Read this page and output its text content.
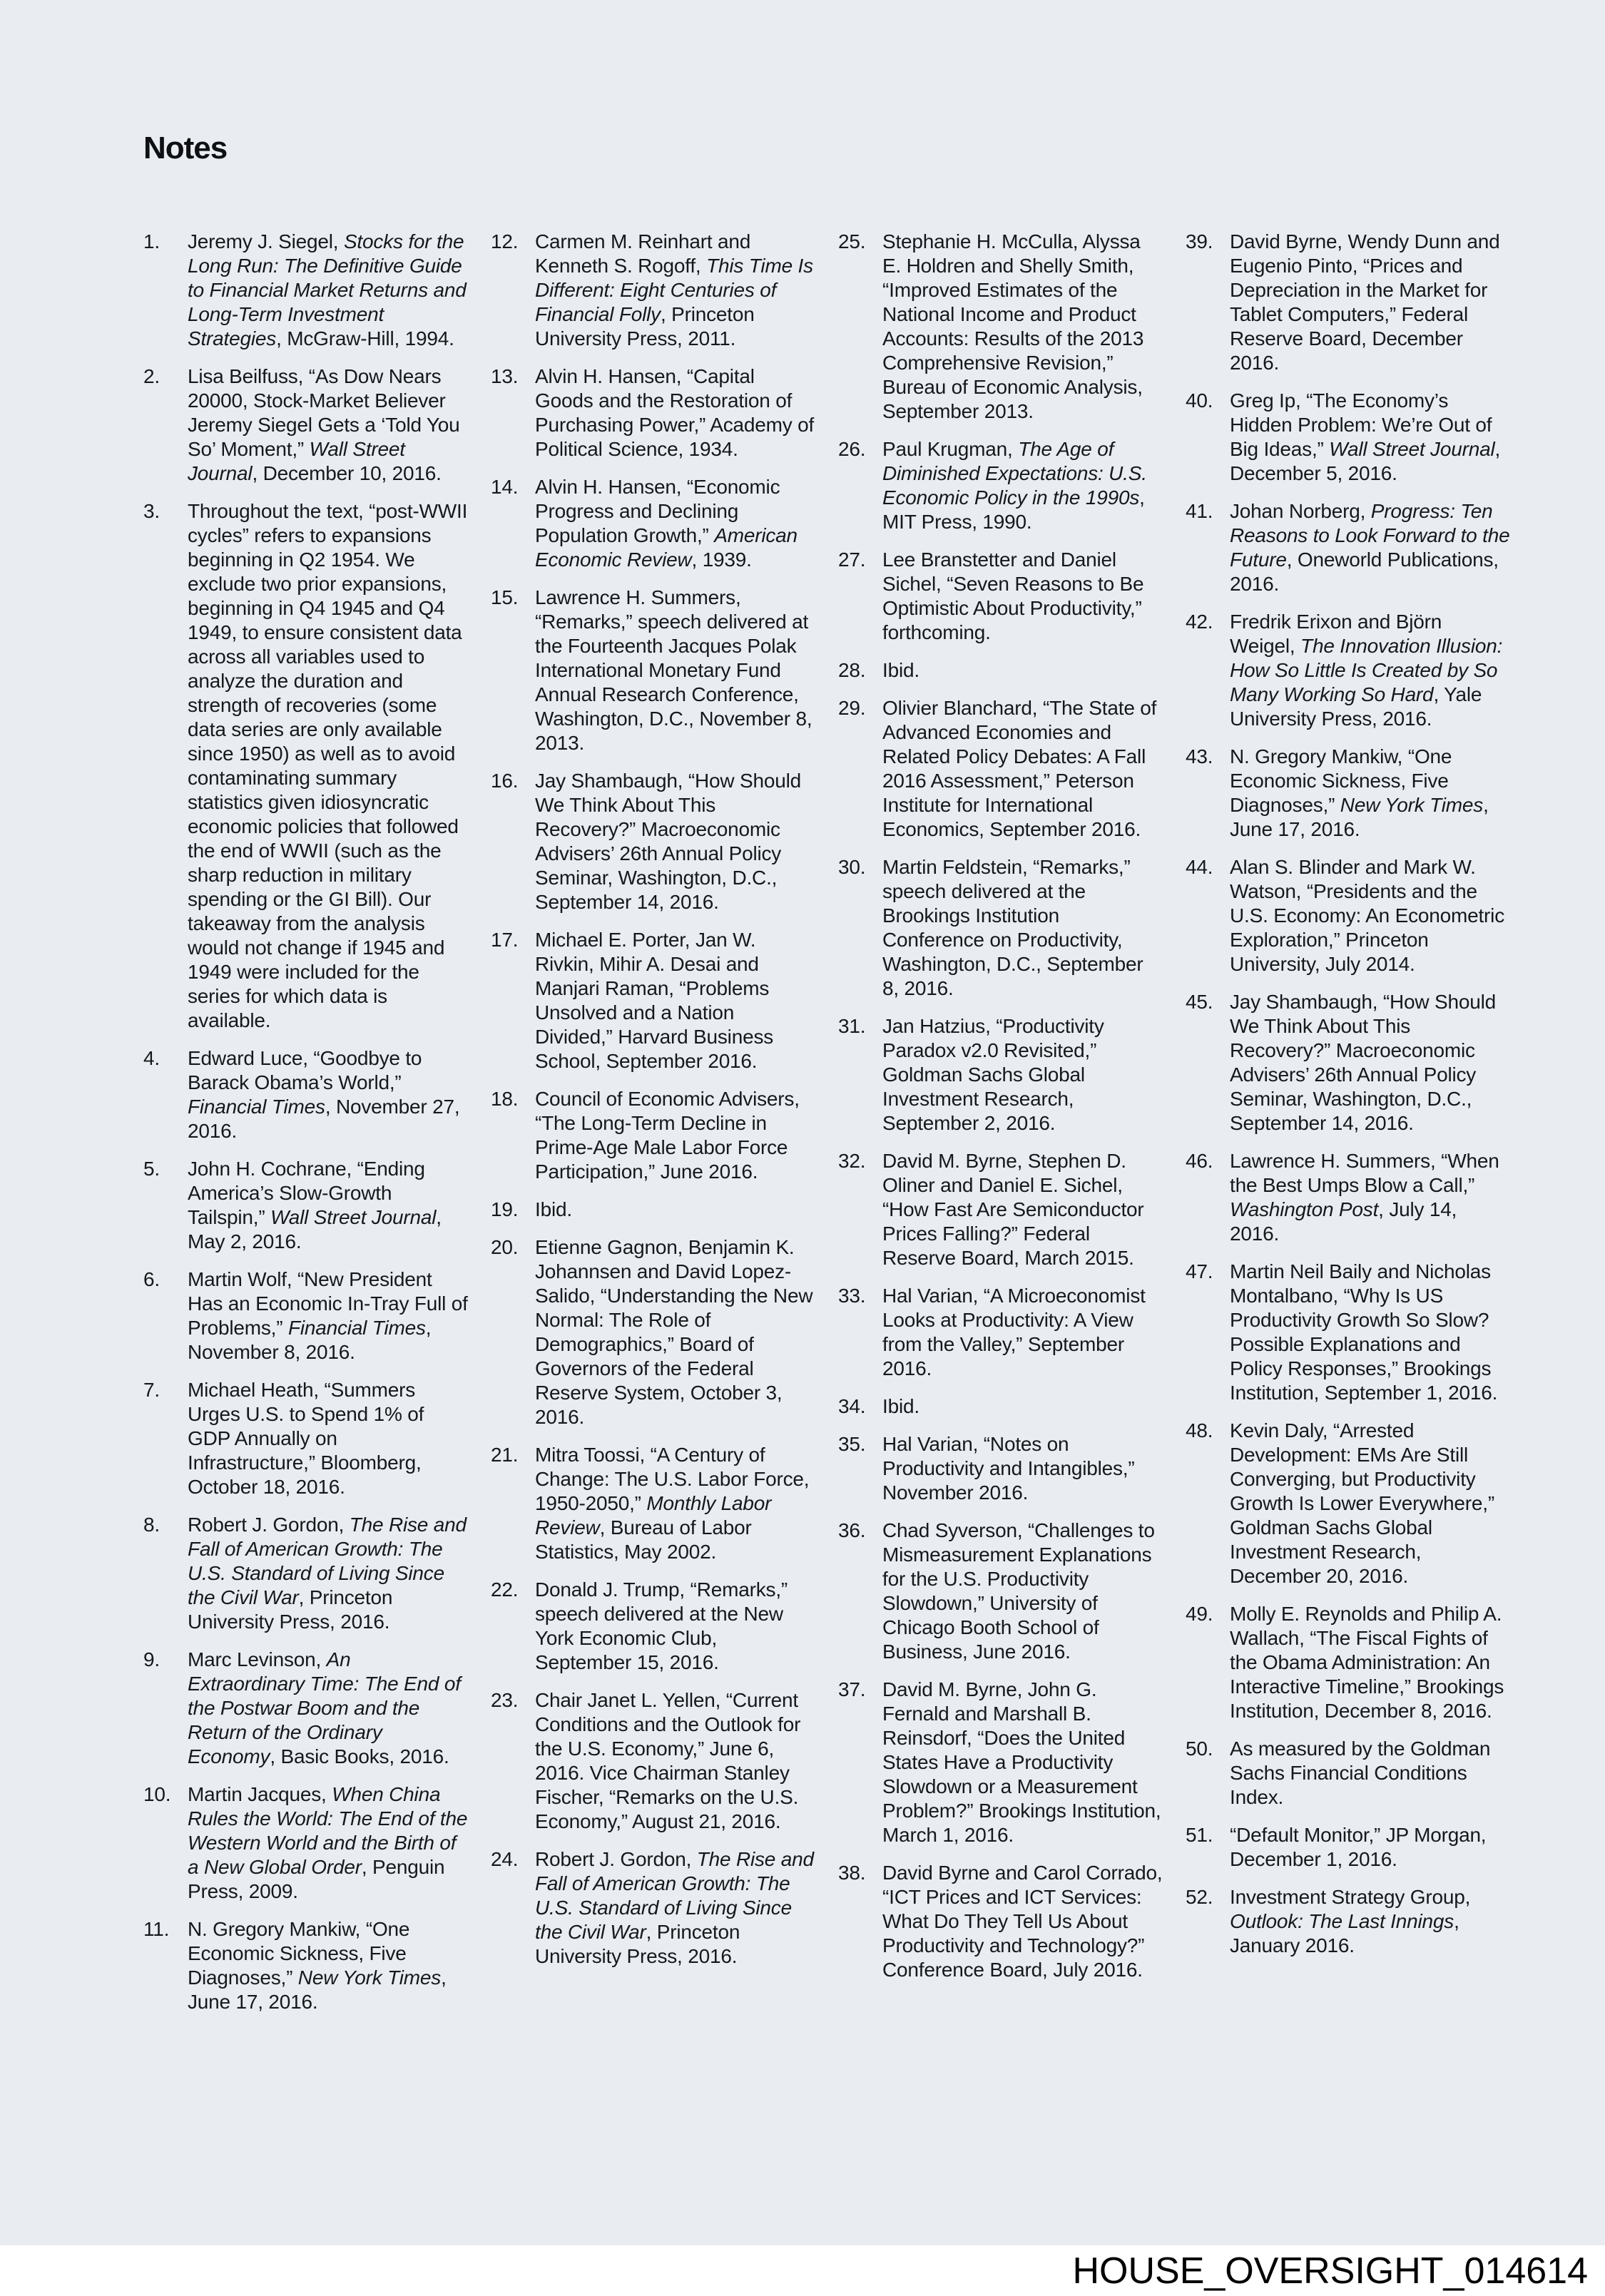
Notes
1.	Jeremy J. Siegel, Stocks for the Long Run: The Definitive Guide to Financial Market Returns and Long-Term Investment Strategies, McGraw-Hill, 1994.
2.	Lisa Beilfuss, “As Dow Nears 20000, Stock-Market Believer Jeremy Siegel Gets a ‘Told You So’ Moment,” Wall Street Journal, December 10, 2016.
3.	Throughout the text, “post-WWII cycles” refers to expansions beginning in Q2 1954. We exclude two prior expansions, beginning in Q4 1945 and Q4 1949, to ensure consistent data across all variables used to analyze the duration and strength of recoveries (some data series are only available since 1950) as well as to avoid contaminating summary statistics given idiosyncratic economic policies that followed the end of WWII (such as the sharp reduction in military spending or the GI Bill). Our takeaway from the analysis would not change if 1945 and 1949 were included for the series for which data is available.
4.	Edward Luce, “Goodbye to Barack Obama’s World,” Financial Times, November 27, 2016.
5.	John H. Cochrane, “Ending America’s Slow-Growth Tailspin,” Wall Street Journal, May 2, 2016.
6.	Martin Wolf, “New President Has an Economic In-Tray Full of Problems,” Financial Times, November 8, 2016.
7.	Michael Heath, “Summers Urges U.S. to Spend 1% of GDP Annually on Infrastructure,” Bloomberg, October 18, 2016.
8.	Robert J. Gordon, The Rise and Fall of American Growth: The U.S. Standard of Living Since the Civil War, Princeton University Press, 2016.
9.	Marc Levinson, An Extraordinary Time: The End of the Postwar Boom and the Return of the Ordinary Economy, Basic Books, 2016.
10. Martin Jacques, When China Rules the World: The End of the Western World and the Birth of a New Global Order, Penguin Press, 2009.
11. N. Gregory Mankiw, “One Economic Sickness, Five Diagnoses,” New York Times, June 17, 2016.
12. Carmen M. Reinhart and Kenneth S. Rogoff, This Time Is Different: Eight Centuries of Financial Folly, Princeton University Press, 2011.
13. Alvin H. Hansen, “Capital Goods and the Restoration of Purchasing Power,” Academy of Political Science, 1934.
14. Alvin H. Hansen, “Economic Progress and Declining Population Growth,” American Economic Review, 1939.
15. Lawrence H. Summers, “Remarks,” speech delivered at the Fourteenth Jacques Polak International Monetary Fund Annual Research Conference, Washington, D.C., November 8, 2013.
16. Jay Shambaugh, “How Should We Think About This Recovery?” Macroeconomic Advisers’ 26th Annual Policy Seminar, Washington, D.C., September 14, 2016.
17. Michael E. Porter, Jan W. Rivkin, Mihir A. Desai and Manjari Raman, “Problems Unsolved and a Nation Divided,” Harvard Business School, September 2016.
18. Council of Economic Advisers, “The Long-Term Decline in Prime-Age Male Labor Force Participation,” June 2016.
19. Ibid.
20. Etienne Gagnon, Benjamin K. Johannsen and David Lopez-Salido, “Understanding the New Normal: The Role of Demographics,” Board of Governors of the Federal Reserve System, October 3, 2016.
21. Mitra Toossi, “A Century of Change: The U.S. Labor Force, 1950-2050,” Monthly Labor Review, Bureau of Labor Statistics, May 2002.
22. Donald J. Trump, “Remarks,” speech delivered at the New York Economic Club, September 15, 2016.
23. Chair Janet L. Yellen, “Current Conditions and the Outlook for the U.S. Economy,” June 6, 2016. Vice Chairman Stanley Fischer, “Remarks on the U.S. Economy,” August 21, 2016.
24. Robert J. Gordon, The Rise and Fall of American Growth: The U.S. Standard of Living Since the Civil War, Princeton University Press, 2016.
25. Stephanie H. McCulla, Alyssa E. Holdren and Shelly Smith, “Improved Estimates of the National Income and Product Accounts: Results of the 2013 Comprehensive Revision,” Bureau of Economic Analysis, September 2013.
26. Paul Krugman, The Age of Diminished Expectations: U.S. Economic Policy in the 1990s, MIT Press, 1990.
27. Lee Branstetter and Daniel Sichel, “Seven Reasons to Be Optimistic About Productivity,” forthcoming.
28. Ibid.
29. Olivier Blanchard, “The State of Advanced Economies and Related Policy Debates: A Fall 2016 Assessment,” Peterson Institute for International Economics, September 2016.
30. Martin Feldstein, “Remarks,” speech delivered at the Brookings Institution Conference on Productivity, Washington, D.C., September 8, 2016.
31. Jan Hatzius, “Productivity Paradox v2.0 Revisited,” Goldman Sachs Global Investment Research, September 2, 2016.
32. David M. Byrne, Stephen D. Oliner and Daniel E. Sichel, “How Fast Are Semiconductor Prices Falling?” Federal Reserve Board, March 2015.
33. Hal Varian, “A Microeconomist Looks at Productivity: A View from the Valley,” September 2016.
34. Ibid.
35. Hal Varian, “Notes on Productivity and Intangibles,” November 2016.
36. Chad Syverson, “Challenges to Mismeasurement Explanations for the U.S. Productivity Slowdown,” University of Chicago Booth School of Business, June 2016.
37. David M. Byrne, John G. Fernald and Marshall B. Reinsdorf, “Does the United States Have a Productivity Slowdown or a Measurement Problem?” Brookings Institution, March 1, 2016.
38. David Byrne and Carol Corrado, “ICT Prices and ICT Services: What Do They Tell Us About Productivity and Technology?” Conference Board, July 2016.
39. David Byrne, Wendy Dunn and Eugenio Pinto, “Prices and Depreciation in the Market for Tablet Computers,” Federal Reserve Board, December 2016.
40. Greg Ip, “The Economy’s Hidden Problem: We’re Out of Big Ideas,” Wall Street Journal, December 5, 2016.
41. Johan Norberg, Progress: Ten Reasons to Look Forward to the Future, Oneworld Publications, 2016.
42. Fredrik Erixon and Björn Weigel, The Innovation Illusion: How So Little Is Created by So Many Working So Hard, Yale University Press, 2016.
43. N. Gregory Mankiw, “One Economic Sickness, Five Diagnoses,” New York Times, June 17, 2016.
44. Alan S. Blinder and Mark W. Watson, “Presidents and the U.S. Economy: An Econometric Exploration,” Princeton University, July 2014.
45. Jay Shambaugh, “How Should We Think About This Recovery?” Macroeconomic Advisers’ 26th Annual Policy Seminar, Washington, D.C., September 14, 2016.
46. Lawrence H. Summers, “When the Best Umps Blow a Call,” Washington Post, July 14, 2016.
47. Martin Neil Baily and Nicholas Montalbano, “Why Is US Productivity Growth So Slow? Possible Explanations and Policy Responses,” Brookings Institution, September 1, 2016.
48. Kevin Daly, “Arrested Development: EMs Are Still Converging, but Productivity Growth Is Lower Everywhere,” Goldman Sachs Global Investment Research, December 20, 2016.
49. Molly E. Reynolds and Philip A. Wallach, “The Fiscal Fights of the Obama Administration: An Interactive Timeline,” Brookings Institution, December 8, 2016.
50. As measured by the Goldman Sachs Financial Conditions Index.
51. “Default Monitor,” JP Morgan, December 1, 2016.
52. Investment Strategy Group, Outlook: The Last Innings, January 2016.
HOUSE_OVERSIGHT_014614
